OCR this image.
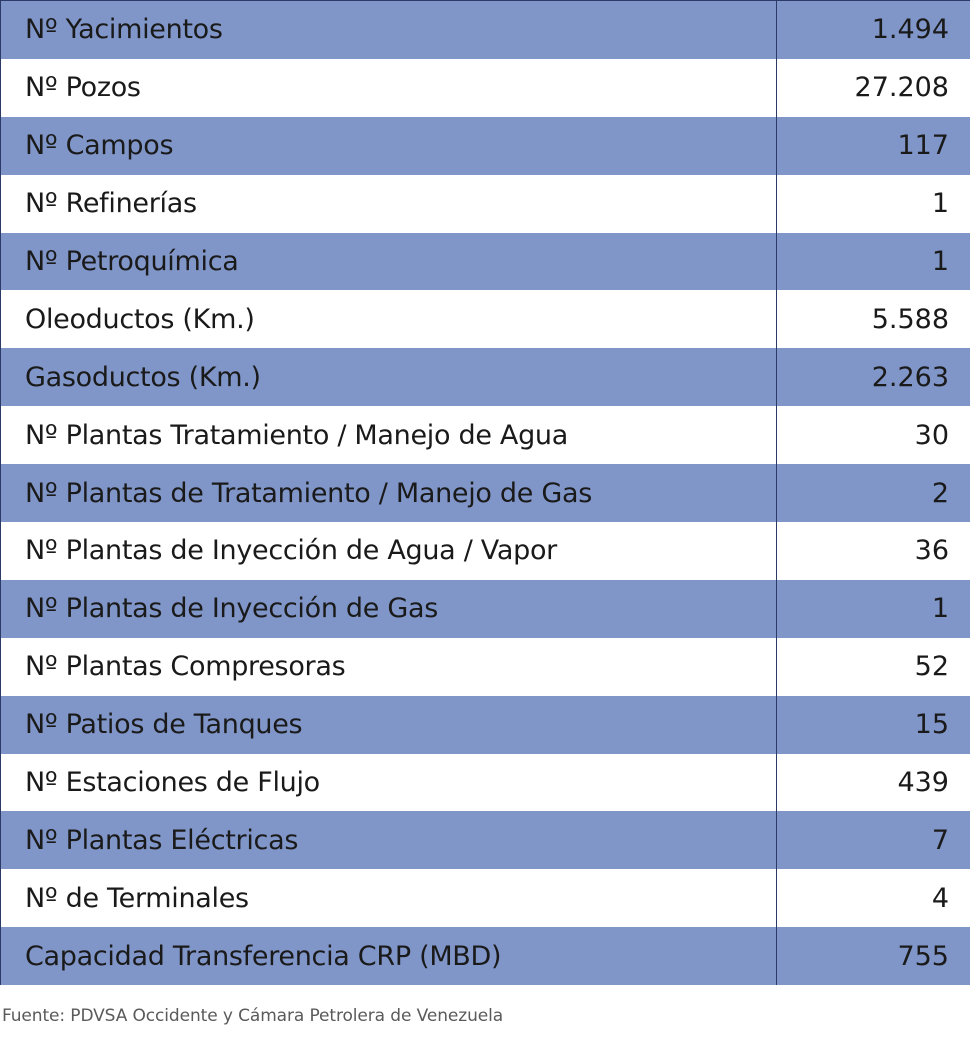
Nº Yacimientos	1.494
Nº Pozos	27.208
Nº Campos	117
Nº Refinerías	1
Nº Petroquímica	1
Oleoductos (Km.)	5.588
Gasoductos (Km.)	2.263
Nº Plantas Tratamiento / Manejo de Agua	30
Nº Plantas de Tratamiento / Manejo de Gas	2
Nº Plantas de Inyección de Agua / Vapor	36
Nº Plantas de Inyección de Gas	1
Nº Plantas Compresoras	52
Nº Patios de Tanques	15
Nº Estaciones de Flujo	439
Nº Plantas Eléctricas	7
Nº de Terminales	4
Capacidad Transferencia CRP (MBD)	755
Fuente: PDVSA Occidente y Cámara Petrolera de Venezuela
